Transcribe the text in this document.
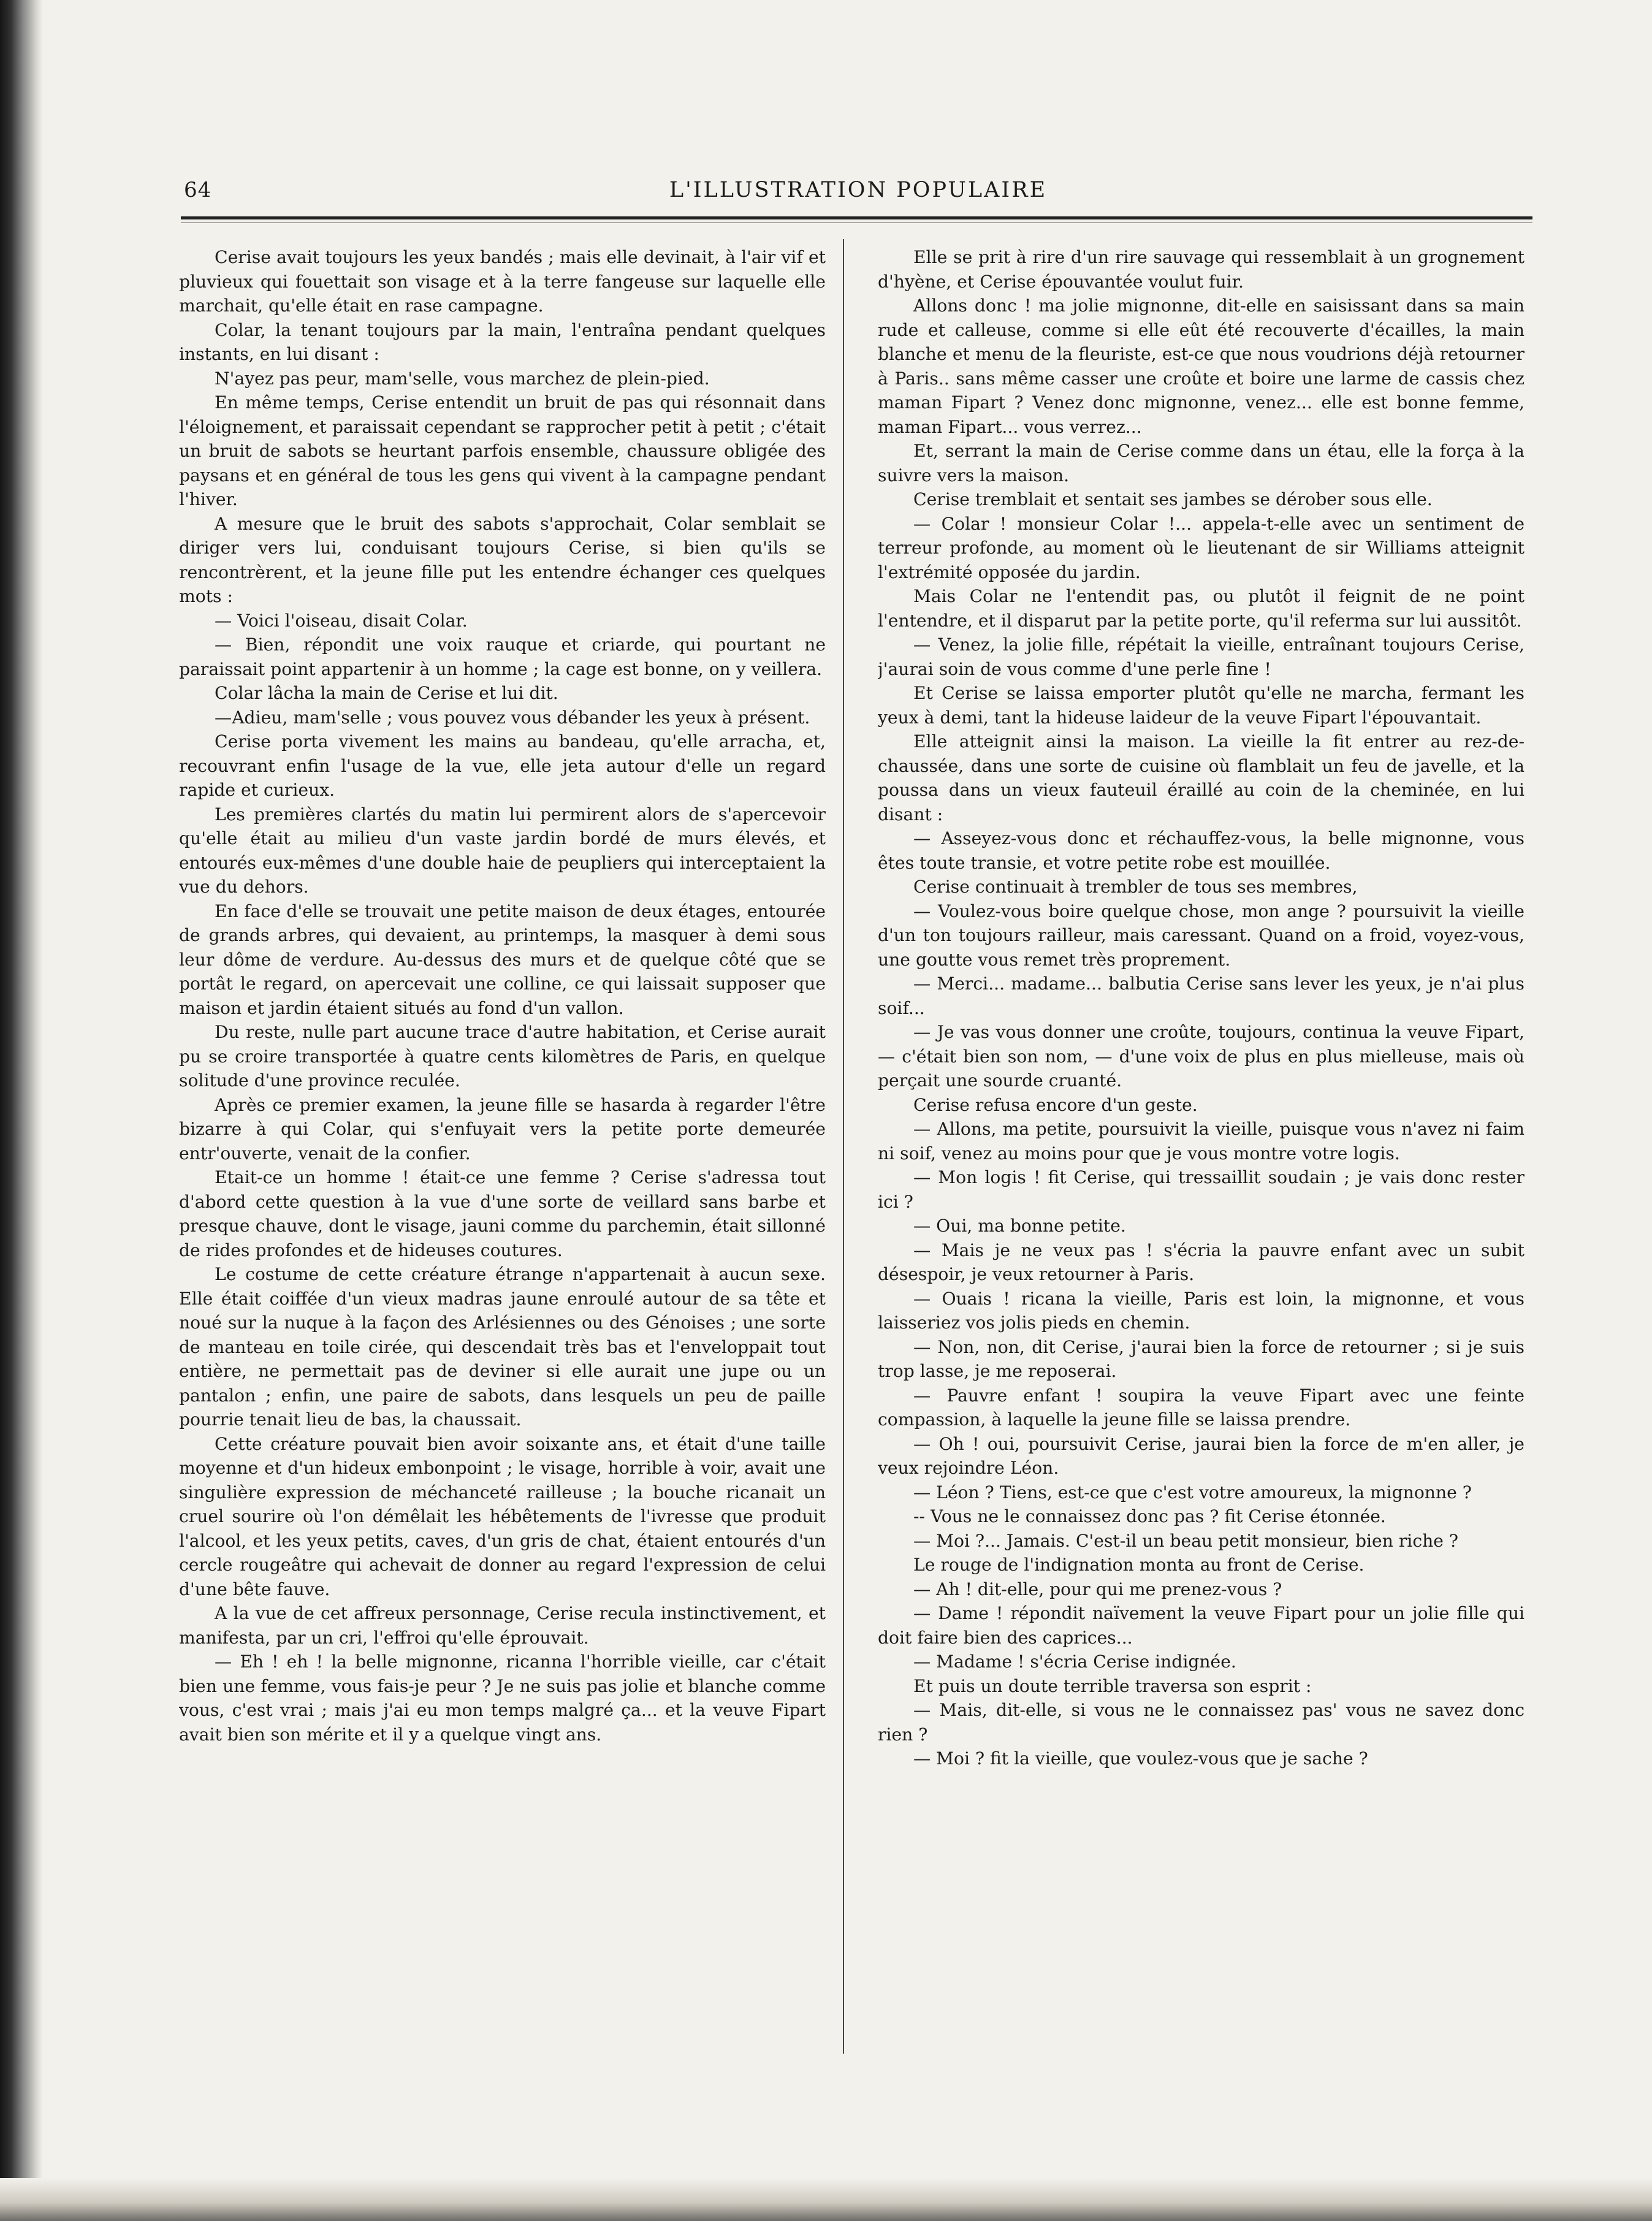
64	L'ILLUSTRATION POPULAIRE

Cerise avait toujours les yeux bandés ; mais elle devinait, à l'air vif et pluvieux qui fouettait son visage et à la terre fangeuse sur laquelle elle marchait, qu'elle était en rase campagne.

Colar, la tenant toujours par la main, l'entraîna pendant quelques instants, en lui disant :

N'ayez pas peur, mam'selle, vous marchez de plein-pied.

En même temps, Cerise entendit un bruit de pas qui résonnait dans l'éloignement, et paraissait cependant se rapprocher petit à petit ; c'était un bruit de sabots se heurtant parfois ensemble, chaussure obligée des paysans et en général de tous les gens qui vivent à la campagne pendant l'hiver.

A mesure que le bruit des sabots s'approchait, Colar semblait se diriger vers lui, conduisant toujours Cerise, si bien qu'ils se rencontrèrent, et la jeune fille put les entendre échanger ces quelques mots :

— Voici l'oiseau, disait Colar.

— Bien, répondit une voix rauque et criarde, qui pourtant ne paraissait point appartenir à un homme ; la cage est bonne, on y veillera.

Colar lâcha la main de Cerise et lui dit.

—Adieu, mam'selle ; vous pouvez vous débander les yeux à présent.

Cerise porta vivement les mains au bandeau, qu'elle arracha, et, recouvrant enfin l'usage de la vue, elle jeta autour d'elle un regard rapide et curieux.

Les premières clartés du matin lui permirent alors de s'apercevoir qu'elle était au milieu d'un vaste jardin bordé de murs élevés, et entourés eux-mêmes d'une double haie de peupliers qui interceptaient la vue du dehors.

En face d'elle se trouvait une petite maison de deux étages, entourée de grands arbres, qui devaient, au printemps, la masquer à demi sous leur dôme de verdure. Au-dessus des murs et de quelque côté que se portât le regard, on apercevait une colline, ce qui laissait supposer que maison et jardin étaient situés au fond d'un vallon.

Du reste, nulle part aucune trace d'autre habitation, et Cerise aurait pu se croire transportée à quatre cents kilomètres de Paris, en quelque solitude d'une province reculée.

Après ce premier examen, la jeune fille se hasarda à regarder l'être bizarre à qui Colar, qui s'enfuyait vers la petite porte demeurée entr'ouverte, venait de la confier.

Etait-ce un homme ! était-ce une femme ? Cerise s'adressa tout d'abord cette question à la vue d'une sorte de veillard sans barbe et presque chauve, dont le visage, jauni comme du parchemin, était sillonné de rides profondes et de hideuses coutures.

Le costume de cette créature étrange n'appartenait à aucun sexe. Elle était coiffée d'un vieux madras jaune enroulé autour de sa tête et noué sur la nuque à la façon des Arlésiennes ou des Génoises ; une sorte de manteau en toile cirée, qui descendait très bas et l'enveloppait tout entière, ne permettait pas de deviner si elle aurait une jupe ou un pantalon ; enfin, une paire de sabots, dans lesquels un peu de paille pourrie tenait lieu de bas, la chaussait.

Cette créature pouvait bien avoir soixante ans, et était d'une taille moyenne et d'un hideux embonpoint ; le visage, horrible à voir, avait une singulière expression de méchanceté railleuse ; la bouche ricanait un cruel sourire où l'on démêlait les hébêtements de l'ivresse que produit l'alcool, et les yeux petits, caves, d'un gris de chat, étaient entourés d'un cercle rougeâtre qui achevait de donner au regard l'expression de celui d'une bête fauve.

A la vue de cet affreux personnage, Cerise recula instinctivement, et manifesta, par un cri, l'effroi qu'elle éprouvait.

— Eh ! eh ! la belle mignonne, ricanna l'horrible vieille, car c'était bien une femme, vous fais-je peur ? Je ne suis pas jolie et blanche comme vous, c'est vrai ; mais j'ai eu mon temps malgré ça... et la veuve Fipart avait bien son mérite et il y a quelque vingt ans.

Elle se prit à rire d'un rire sauvage qui ressemblait à un grognement d'hyène, et Cerise épouvantée voulut fuir.

Allons donc ! ma jolie mignonne, dit-elle en saisissant dans sa main rude et calleuse, comme si elle eût été recouverte d'écailles, la main blanche et menu de la fleuriste, est-ce que nous voudrions déjà retourner à Paris.. sans même casser une croûte et boire une larme de cassis chez maman Fipart ? Venez donc mignonne, venez... elle est bonne femme, maman Fipart... vous verrez...

Et, serrant la main de Cerise comme dans un étau, elle la força à la suivre vers la maison.

Cerise tremblait et sentait ses jambes se dérober sous elle.

— Colar ! monsieur Colar !... appela-t-elle avec un sentiment de terreur profonde, au moment où le lieutenant de sir Williams atteignit l'extrémité opposée du jardin.

Mais Colar ne l'entendit pas, ou plutôt il feignit de ne point l'entendre, et il disparut par la petite porte, qu'il referma sur lui aussitôt.

— Venez, la jolie fille, répétait la vieille, entraînant toujours Cerise, j'aurai soin de vous comme d'une perle fine !

Et Cerise se laissa emporter plutôt qu'elle ne marcha, fermant les yeux à demi, tant la hideuse laideur de la veuve Fipart l'épouvantait.

Elle atteignit ainsi la maison. La vieille la fit entrer au rez-de-chaussée, dans une sorte de cuisine où flamblait un feu de javelle, et la poussa dans un vieux fauteuil éraillé au coin de la cheminée, en lui disant :

— Asseyez-vous donc et réchauffez-vous, la belle mignonne, vous êtes toute transie, et votre petite robe est mouillée.

Cerise continuait à trembler de tous ses membres,

— Voulez-vous boire quelque chose, mon ange ? poursuivit la vieille d'un ton toujours railleur, mais caressant. Quand on a froid, voyez-vous, une goutte vous remet très proprement.

— Merci... madame... balbutia Cerise sans lever les yeux, je n'ai plus soif...

— Je vas vous donner une croûte, toujours, continua la veuve Fipart, — c'était bien son nom, — d'une voix de plus en plus mielleuse, mais où perçait une sourde cruanté.

Cerise refusa encore d'un geste.

— Allons, ma petite, poursuivit la vieille, puisque vous n'avez ni faim ni soif, venez au moins pour que je vous montre votre logis.

— Mon logis ! fit Cerise, qui tressaillit soudain ; je vais donc rester ici ?

— Oui, ma bonne petite.

— Mais je ne veux pas ! s'écria la pauvre enfant avec un subit désespoir, je veux retourner à Paris.

— Ouais ! ricana la vieille, Paris est loin, la mignonne, et vous laisseriez vos jolis pieds en chemin.

— Non, non, dit Cerise, j'aurai bien la force de retourner ; si je suis trop lasse, je me reposerai.

— Pauvre enfant ! soupira la veuve Fipart avec une feinte compassion, à laquelle la jeune fille se laissa prendre.

— Oh ! oui, poursuivit Cerise, jaurai bien la force de m'en aller, je veux rejoindre Léon.

— Léon ? Tiens, est-ce que c'est votre amoureux, la mignonne ?

-- Vous ne le connaissez donc pas ? fit Cerise étonnée.

— Moi ?... Jamais. C'est-il un beau petit monsieur, bien riche ?

Le rouge de l'indignation monta au front de Cerise.

— Ah ! dit-elle, pour qui me prenez-vous ?

— Dame ! répondit naïvement la veuve Fipart pour un jolie fille qui doit faire bien des caprices...

— Madame ! s'écria Cerise indignée.

Et puis un doute terrible traversa son esprit :

— Mais, dit-elle, si vous ne le connaissez pas' vous ne savez donc rien ?

— Moi ? fit la vieille, que voulez-vous que je sache ?
